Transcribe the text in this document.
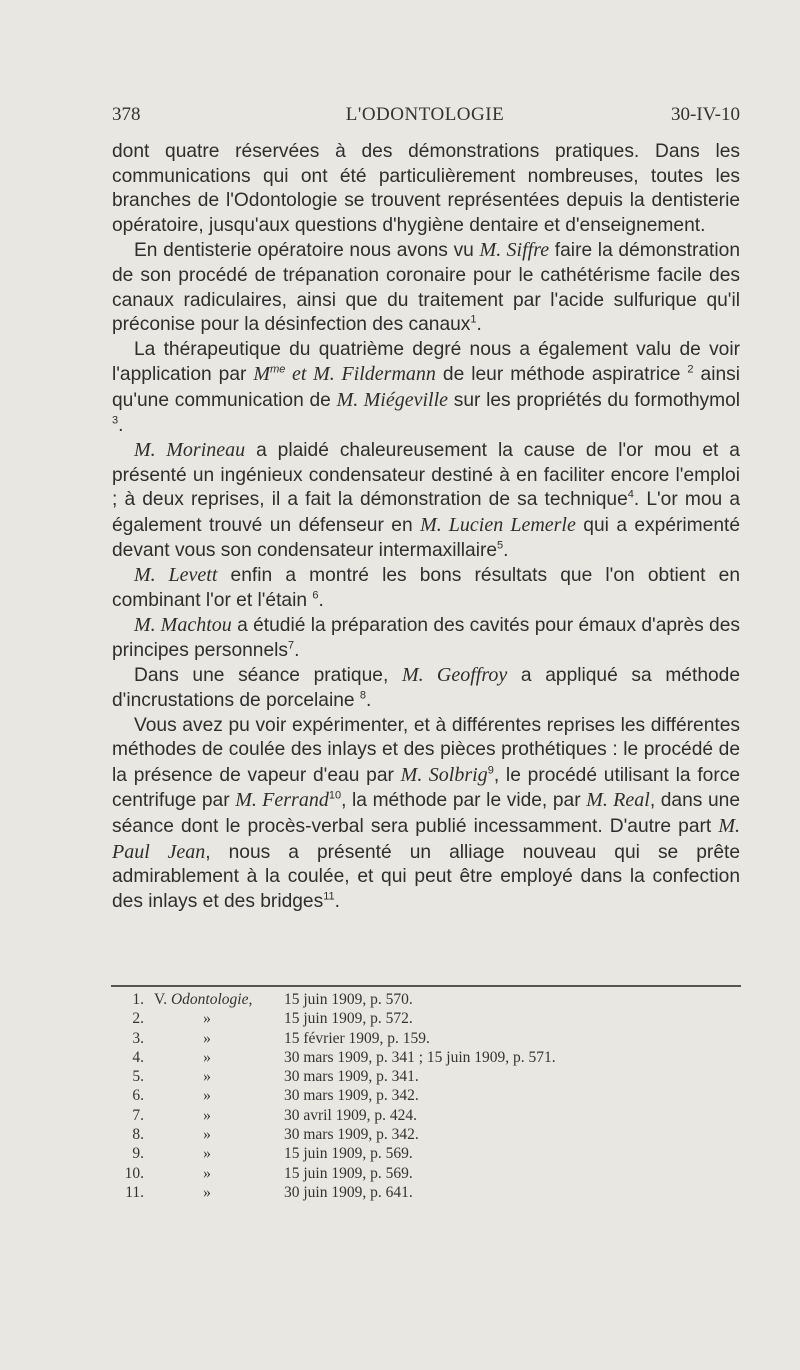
378	L'ODONTOLOGIE	30-IV-10

dont quatre réservées à des démonstrations pratiques. Dans les communications qui ont été particulièrement nombreuses, toutes les branches de l'Odontologie se trouvent représentées depuis la dentisterie opératoire, jusqu'aux questions d'hygiène dentaire et d'enseignement.

En dentisterie opératoire nous avons vu M. Siffre faire la démonstration de son procédé de trépanation coronaire pour le cathétérisme facile des canaux radiculaires, ainsi que du traitement par l'acide sulfurique qu'il préconise pour la désinfection des canaux$^1$.

La thérapeutique du quatrième degré nous a également valu de voir l'application par $M^{me}$ et M. Fildermann de leur méthode aspiratrice $^2$ ainsi qu'une communication de M. Miégeville sur les propriétés du formothymol $^3$.

M. Morineau a plaidé chaleureusement la cause de l'or mou et a présenté un ingénieux condensateur destiné à en faciliter encore l'emploi ; à deux reprises, il a fait la démonstration de sa technique$^4$. L'or mou a également trouvé un défenseur en M. Lucien Lemerle qui a expérimenté devant vous son condensateur intermaxillaire$^5$.

M. Levett enfin a montré les bons résultats que l'on obtient en combinant l'or et l'étain $^6$.

M. Machtou a étudié la préparation des cavités pour émaux d'après des principes personnels$^7$.

Dans une séance pratique, M. Geoffroy a appliqué sa méthode d'incrustations de porcelaine $^8$.

Vous avez pu voir expérimenter, et à différentes reprises les différentes méthodes de coulée des inlays et des pièces prothétiques : le procédé de la présence de vapeur d'eau par M. Solbrig$^9$, le procédé utilisant la force centrifuge par M. Ferrand$^{10}$, la méthode par le vide, par M. Real, dans une séance dont le procès-verbal sera publié incessamment. D'autre part M. Paul Jean, nous a présenté un alliage nouveau qui se prête admirablement à la coulée, et qui peut être employé dans la confection des inlays et des bridges$^{11}$.

1. V. Odontologie, 15 juin 1909, p. 570.
2.	»	15 juin 1909, p. 572.
3.	»	15 février 1909, p. 159.
4.	»	30 mars 1909, p. 341 ; 15 juin 1909, p. 571.
5.	»	30 mars 1909, p. 341.
6.	»	30 mars 1909, p. 342.
7.	»	30 avril 1909, p. 424.
8.	»	30 mars 1909, p. 342.
9.	»	15 juin 1909, p. 569.
10.	»	15 juin 1909, p. 569.
11.	»	30 juin 1909, p. 641.
